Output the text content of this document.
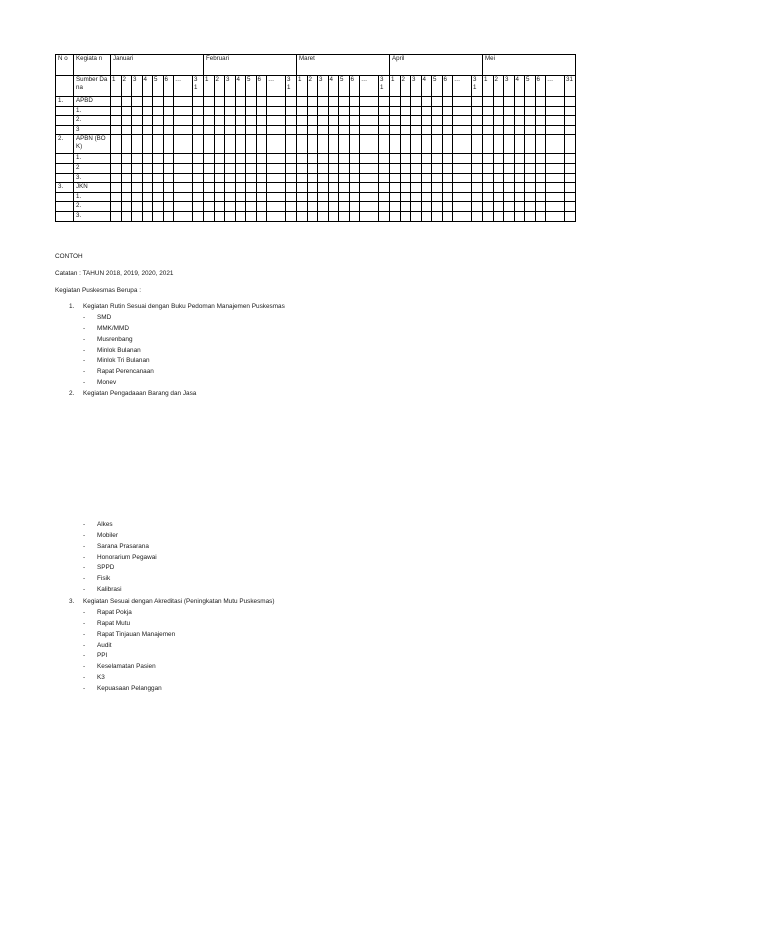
N o	Kegiata n	Januari								Februari								Maret								April								Mei							
	Sumber Dana	1	2	3	4	5	6	…	3 1	1	2	3	4	5	6	…	3 1	1	2	3	4	5	6	…	3 1	1	2	3	4	5	6	…	3 1	1	2	3	4	5	6	…	31
1.	APBD																																								
	1.																																								
	2.																																								
	3																																								
2.	APBN (BOK)																																								
	1.																																								
	2																																								
	3.																																								
3.	JKN																																								
	1.																																								
	2.																																								
	3.																																								
CONTOH
Catatan : TAHUN 2018, 2019, 2020, 2021
Kegiatan Puskesmas Berupa :
1. Kegiatan Rutin Sesuai dengan Buku Pedoman Manajemen Puskesmas
- SMD
- MMK/MMD
- Musrenbang
- Minlok Bulanan
- Minlok Tri Bulanan
- Rapat Perencanaan
- Monev
2. Kegiatan Pengadaaan Barang dan Jasa
- Alkes
- Mobiler
- Sarana Prasarana
- Honorarium Pegawai
- SPPD
- Fisik
- Kalibrasi
3. Kegiatan Sesuai dengan Akreditasi (Peningkatan Mutu Puskesmas)
- Rapat Pokja
- Rapat Mutu
- Rapat Tinjauan Manajemen
- Audit
- PPI
- Keselamatan Pasien
- K3
- Kepuasaan Pelanggan
